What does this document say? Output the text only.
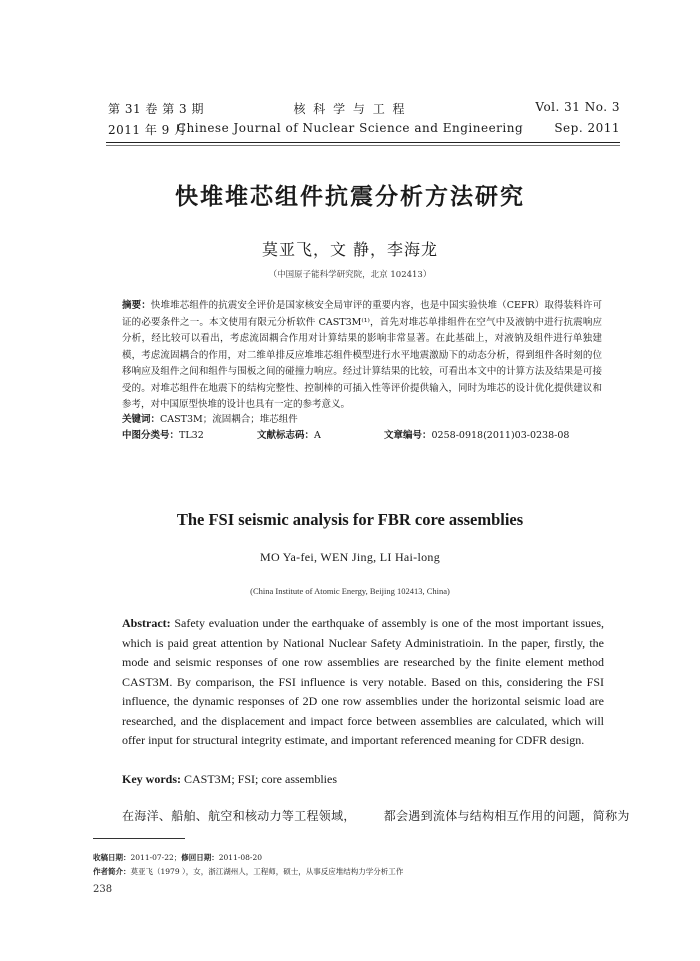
第 31 卷 第 3 期
2011 年 9 月
核 科 学 与 工 程
Chinese Journal of Nuclear Science and Engineering
Vol. 31 No. 3
Sep. 2011
快堆堆芯组件抗震分析方法研究
莫亚飞，文 静，李海龙
（中国原子能科学研究院，北京 102413）
摘要：快堆堆芯组件的抗震安全评价是国家核安全局审评的重要内容，也是中国实验快堆（CEFR）取得装料许可证的必要条件之一。本文使用有限元分析软件 CAST3M⁽¹⁾，首先对堆芯单排组件在空气中及液钠中进行抗震响应分析，经比较可以看出，考虑流固耦合作用对计算结果的影响非常显著。在此基础上，对液钠及组件进行单独建模，考虑流固耦合的作用，对二维单排反应堆堆芯组件模型进行水平地震激励下的动态分析，得到组件各时刻的位移响应及组件之间和组件与围板之间的碰撞力响应。经过计算结果的比较，可看出本文中的计算方法及结果是可接受的。对堆芯组件在地震下的结构完整性、控制棒的可插入性等评价提供输入，同时为堆芯的设计优化提供建议和参考，对中国原型快堆的设计也具有一定的参考意义。
关键词：CAST3M；流固耦合；堆芯组件
中图分类号：TL32	文献标志码：A	文章编号：0258-0918(2011)03-0238-08
The FSI seismic analysis for FBR core assemblies
MO Ya-fei, WEN Jing, LI Hai-long
(China Institute of Atomic Energy, Beijing 102413, China)
Abstract: Safety evaluation under the earthquake of assembly is one of the most important issues, which is paid great attention by National Nuclear Safety Administratioin. In the paper, firstly, the mode and seismic responses of one row assemblies are researched by the finite element method CAST3M. By comparison, the FSI influence is very notable. Based on this, considering the FSI influence, the dynamic responses of 2D one row assemblies under the horizontal seismic load are researched, and the displacement and impact force between assemblies are calculated, which will offer input for structural integrity estimate, and important referenced meaning for CDFR design.
Key words: CAST3M; FSI; core assemblies
在海洋、船舶、航空和核动力等工程领域， 都会遇到流体与结构相互作用的问题，简称为
收稿日期：2011-07-22；修回日期：2011-08-20
作者简介：莫亚飞（1979 ），女，浙江湖州人，工程师，硕士，从事反应堆结构力学分析工作
238
